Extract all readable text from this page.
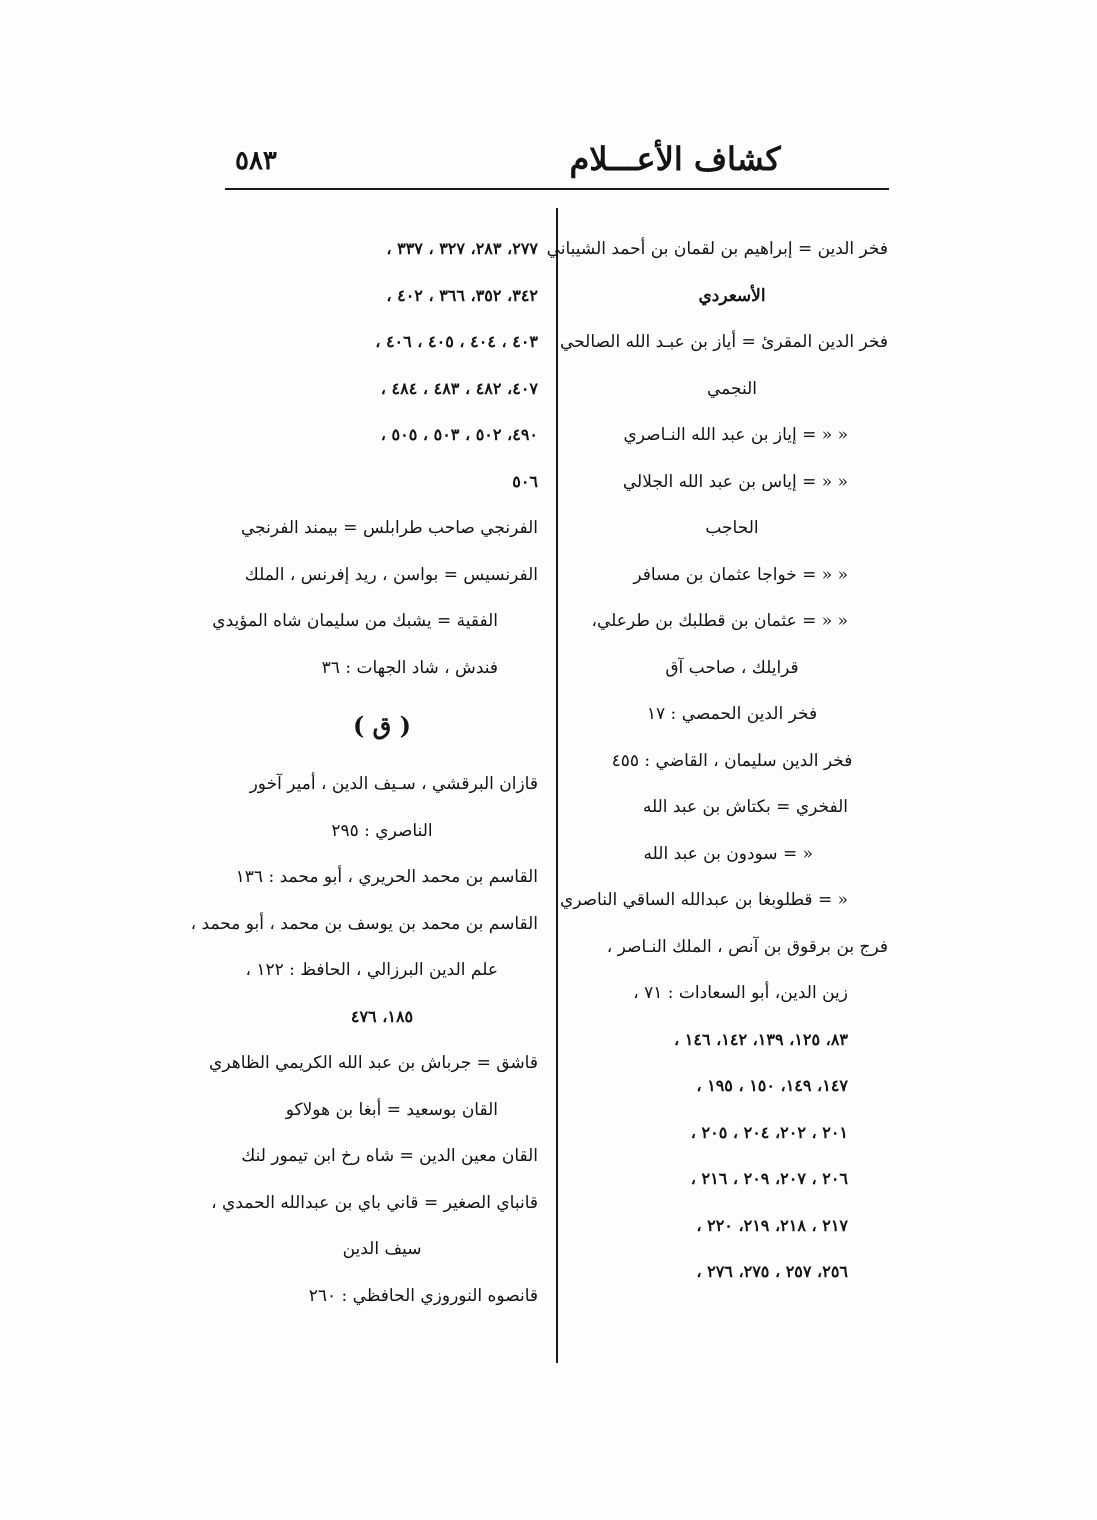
٥٨٣	كشاف الأعـــلام
فخر الدين = إبراهيم بن لقمان بن أحمد الشيباني
الأسعردي
فخر الدين المقرئ = أياز بن عبـد الله الصالحي
النجمي
« « = إياز بن عبد الله النـاصري
« « = إياس بن عبد الله الجلالي
الحاجب
« « = خواجا عثمان بن مسافر
« « = عثمان بن قطلبك بن طرعلي،
قرايلك ، صاحب آق
فخر الدين الحمصي : ١٧
فخر الدين سليمان ، القاضي : ٤٥٥
الفخري = بكتاش بن عبد الله
« = سودون بن عبد الله
« = قطلوبغا بن عبدالله الساقي الناصري
فرج بن برقوق بن آنص ، الملك النـاصر ،
زين الدين، أبو السعادات : ٧١ ،
٨٣، ١٢٥، ١٣٩، ١٤٢، ١٤٦ ،
١٤٧، ١٤٩، ١٥٠ ، ١٩٥ ،
٢٠١ ، ٢٠٢، ٢٠٤ ، ٢٠٥ ،
٢٠٦ ، ٢٠٧، ٢٠٩ ، ٢١٦ ،
٢١٧ ، ٢١٨، ٢١٩، ٢٢٠ ،
٢٥٦، ٢٥٧ ، ٢٧٥، ٢٧٦ ،
٢٧٧، ٢٨٣، ٣٢٧ ، ٣٣٧ ،
٣٤٢، ٣٥٢، ٣٦٦ ، ٤٠٢ ،
٤٠٣ ، ٤٠٤ ، ٤٠٥ ، ٤٠٦ ،
٤٠٧، ٤٨٢ ، ٤٨٣ ، ٤٨٤ ،
٤٩٠، ٥٠٢ ، ٥٠٣ ، ٥٠٥ ،
٥٠٦
الفرنجي صاحب طرابلس = بيمند الفرنجي
الفرنسيس = بواسن ، ريد إفرنس ، الملك
الفقية = يشبك من سليمان شاه المؤيدي
فندش ، شاد الجهات : ٣٦
( ق )
قازان البرقشي ، سـيف الدين ، أمير آخور
الناصري : ٢٩٥
القاسم بن محمد الحريري ، أبو محمد : ١٣٦
القاسم بن محمد بن يوسف بن محمد ، أبو محمد ،
علم الدين البرزالي ، الحافظ : ١٢٢ ،
١٨٥، ٤٧٦
قاشق = جرباش بن عبد الله الكريمي الظاهري
القان بوسعيد = أبغا بن هولاكو
القان معين الدين = شاه رخ ابن تيمور لنك
قانباي الصغير = قاني باي بن عبدالله الحمدي ،
سيف الدين
قانصوه النوروزي الحافظي : ٢٦٠
